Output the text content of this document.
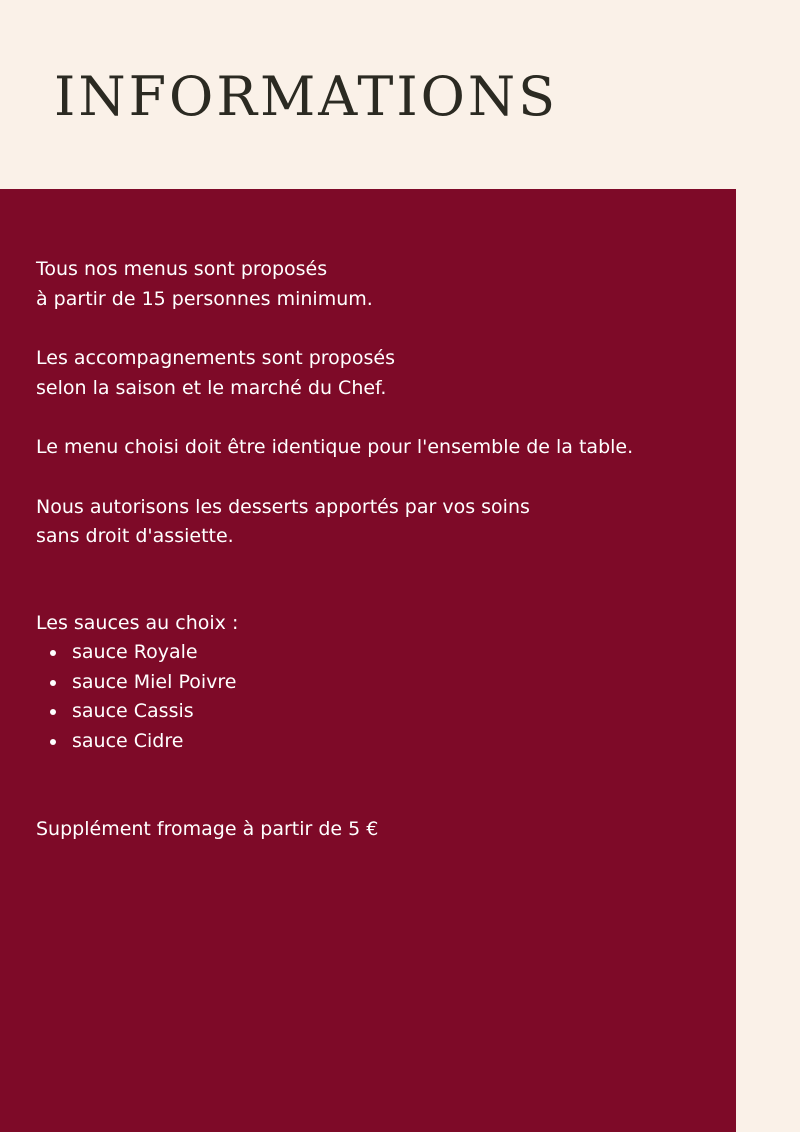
INFORMATIONS

Tous nos menus sont proposés
à partir de 15 personnes minimum.

Les accompagnements sont proposés
selon la saison et le marché du Chef.

Le menu choisi doit être identique pour l'ensemble de la table.

Nous autorisons les desserts apportés par vos soins
sans droit d'assiette.

Les sauces au choix :

sauce Royale
sauce Miel Poivre
sauce Cassis
sauce Cidre

Supplément fromage à partir de 5 €
